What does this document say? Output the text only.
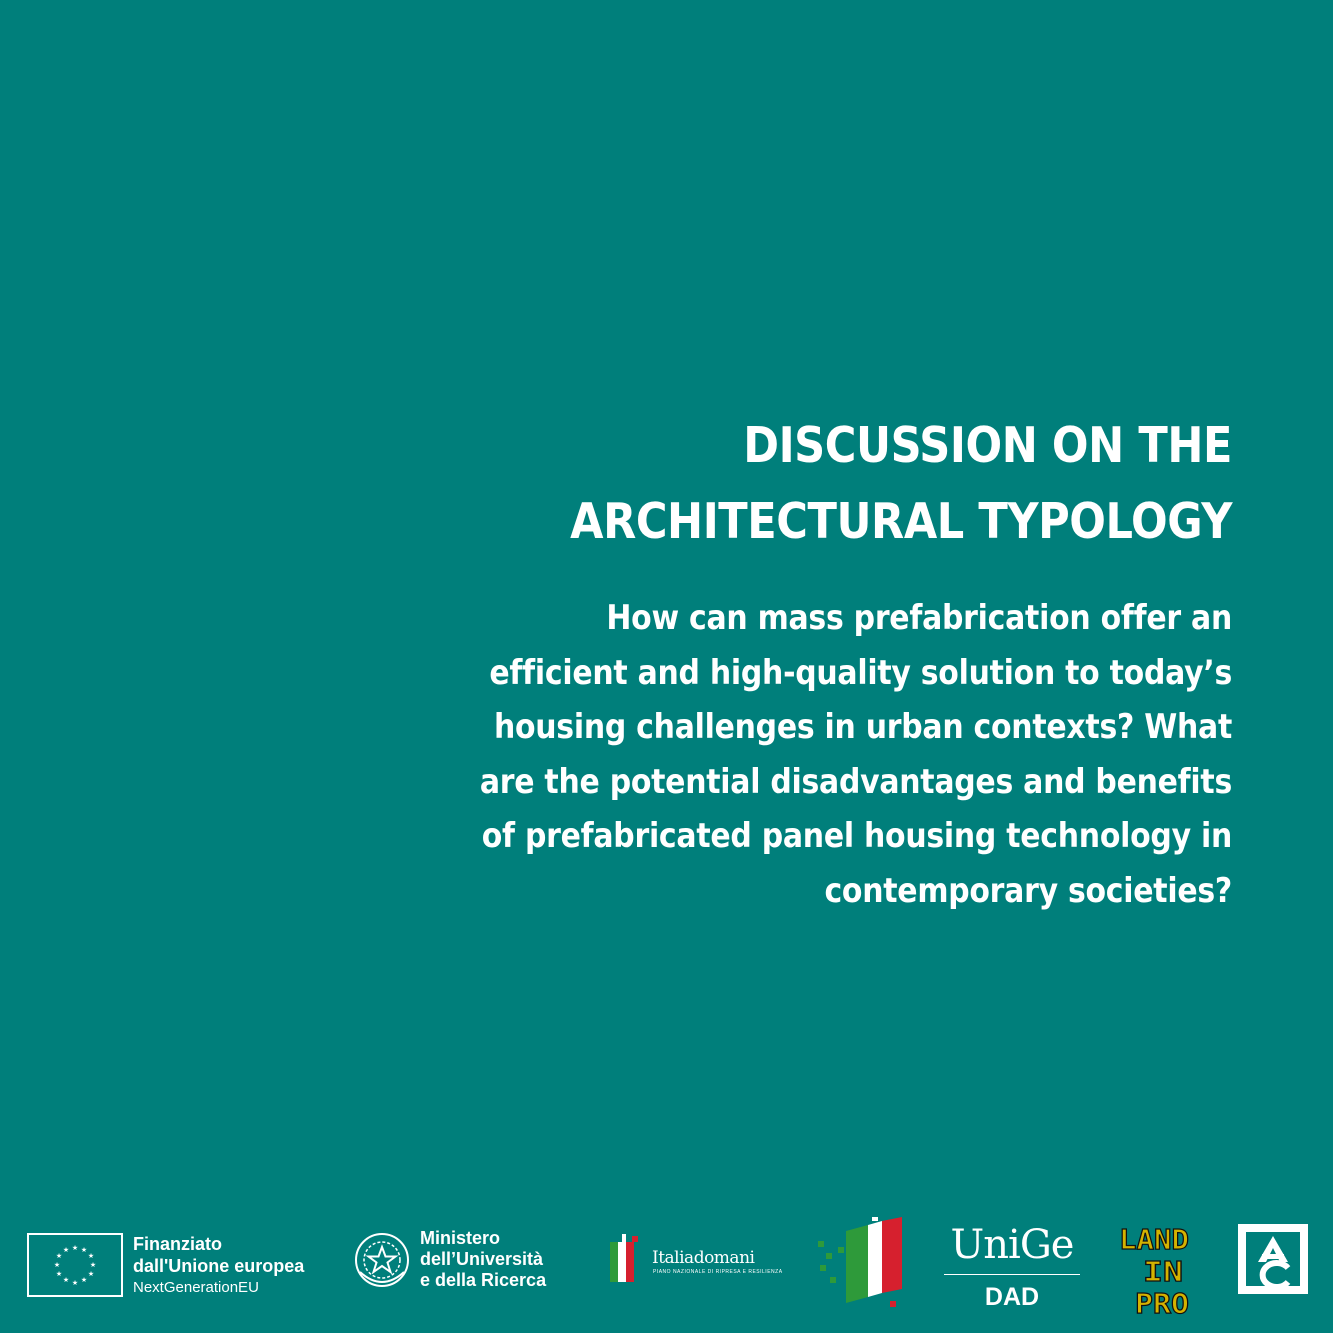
DISCUSSION ON THE

ARCHITECTURAL TYPOLOGY

How can mass prefabrication offer an

efficient and high-quality solution to today’s

housing challenges in urban contexts? What

are the potential disadvantages and benefits

of prefabricated panel housing technology in

contemporary societies?

★ ★
★
★
★
★
★
★
★
★
★
★	Finanziato
dall'Unione europea
NextGenerationEU
Ministero
dell’Università
e della Ricerca
Italiadomani
PIANO NAZIONALE DI RIPRESA E RESILIENZA
UniGe
DAD
LAND
IN
PRO
